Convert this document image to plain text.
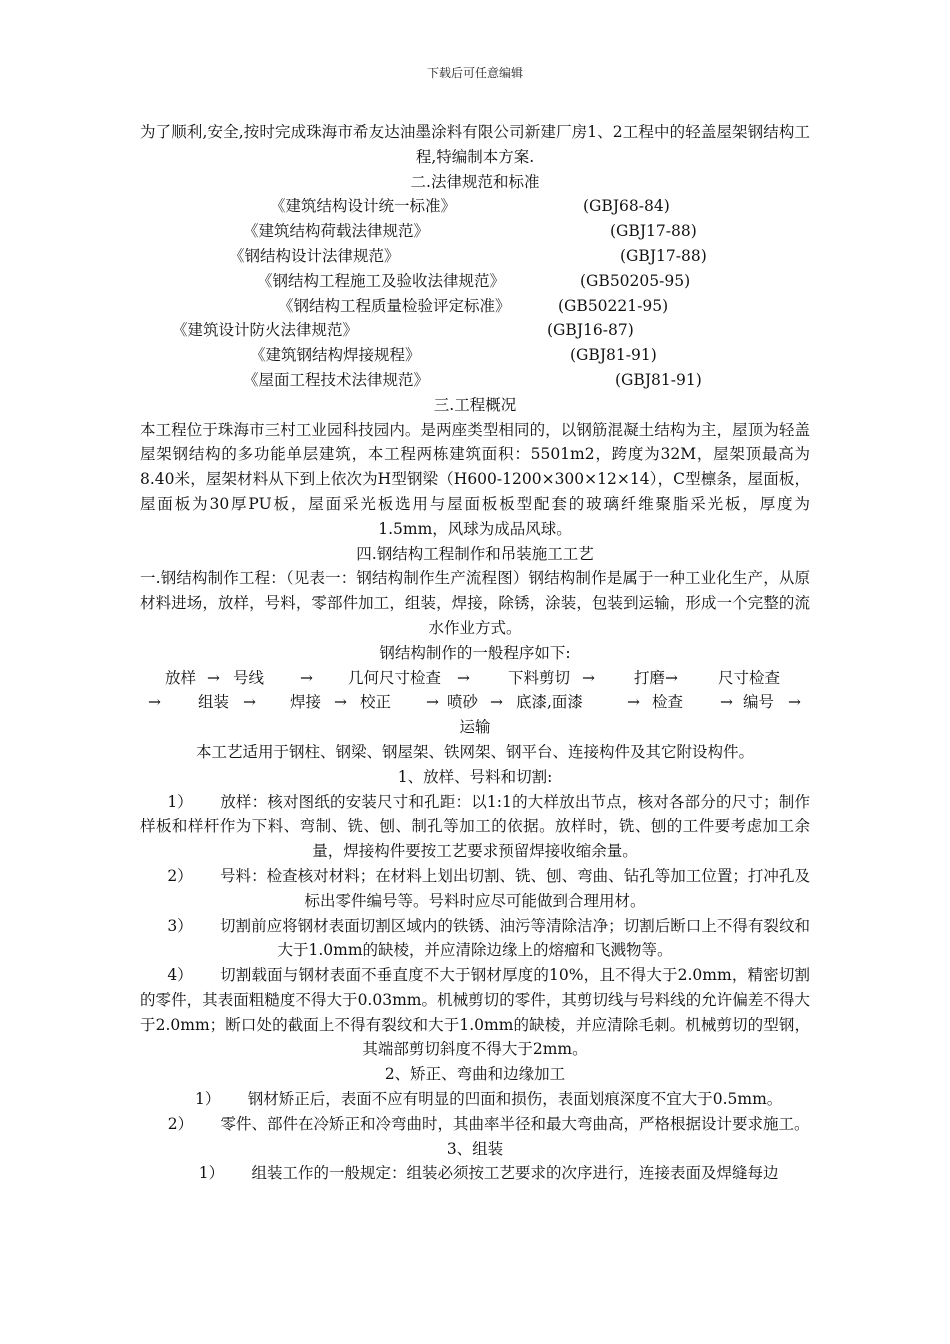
下载后可任意编辑
为了顺利,安全,按时完成珠海市希友达油墨涂料有限公司新建厂房1、2工程中的轻盖屋架钢结构工程,特编制本方案.
二.法律规范和标准
《建筑结构设计统一标准》	(GBJ68-84)
《建筑结构荷载法律规范》	(GBJ17-88)
《钢结构设计法律规范》	(GBJ17-88)
《钢结构工程施工及验收法律规范》	(GB50205-95)
《钢结构工程质量检验评定标准》	(GB50221-95)
《建筑设计防火法律规范》	(GBJ16-87)
《建筑钢结构焊接规程》	(GBJ81-91)
《屋面工程技术法律规范》	(GBJ81-91)
三.工程概况
本工程位于珠海市三村工业园科技园内。是两座类型相同的，以钢筋混凝土结构为主，屋顶为轻盖屋架钢结构的多功能单层建筑，本工程两栋建筑面积：5501m2，跨度为32M，屋架顶最高为8.40米，屋架材料从下到上依次为H型钢梁（H600-1200×300×12×14），C型檩条，屋面板，屋面板为30厚PU板，屋面采光板选用与屋面板板型配套的玻璃纤维聚脂采光板，厚度为1.5mm，风球为成品风球。
四.钢结构工程制作和吊装施工工艺
一.钢结构制作工程：（见表一：钢结构制作生产流程图）钢结构制作是属于一种工业化生产，从原材料进场，放样，号料，零部件加工，组装，焊接，除锈，涂装，包装到运输，形成一个完整的流水作业方式。
钢结构制作的一般程序如下:
放样 → 号线 → 几何尺寸检查 → 下料剪切 →	打磨→	尺寸检查
→ 组装 → 焊接 → 校正 → 喷砂 → 底漆,面漆	→ 检查 → 编号 →
运输
本工艺适用于钢柱、钢梁、钢屋架、铁网架、钢平台、连接构件及其它附设构件。
1、放样、号料和切割:
1） 放样：核对图纸的安装尺寸和孔距：以1:1的大样放出节点，核对各部分的尺寸；制作样板和样杆作为下料、弯制、铣、刨、制孔等加工的依据。放样时，铣、刨的工件要考虑加工余量，焊接构件要按工艺要求预留焊接收缩余量。
2） 号料：检查核对材料；在材料上划出切割、铣、刨、弯曲、钻孔等加工位置；打冲孔及标出零件编号等。号料时应尽可能做到合理用材。
3） 切割前应将钢材表面切割区域内的铁锈、油污等清除洁净；切割后断口上不得有裂纹和大于1.0mm的缺棱，并应清除边缘上的熔瘤和飞溅物等。
4） 切割载面与钢材表面不垂直度不大于钢材厚度的10%，且不得大于2.0mm，精密切割的零件，其表面粗糙度不得大于0.03mm。机械剪切的零件，其剪切线与号料线的允许偏差不得大于2.0mm；断口处的截面上不得有裂纹和大于1.0mm的缺棱，并应清除毛刺。机械剪切的型钢，其端部剪切斜度不得大于2mm。
2、矫正、弯曲和边缘加工
1） 钢材矫正后，表面不应有明显的凹面和损伤，表面划痕深度不宜大于0.5mm。
2） 零件、部件在冷矫正和冷弯曲时，其曲率半径和最大弯曲高，严格根据设计要求施工。
3、组装
1） 组装工作的一般规定：组装必须按工艺要求的次序进行，连接表面及焊缝每边
